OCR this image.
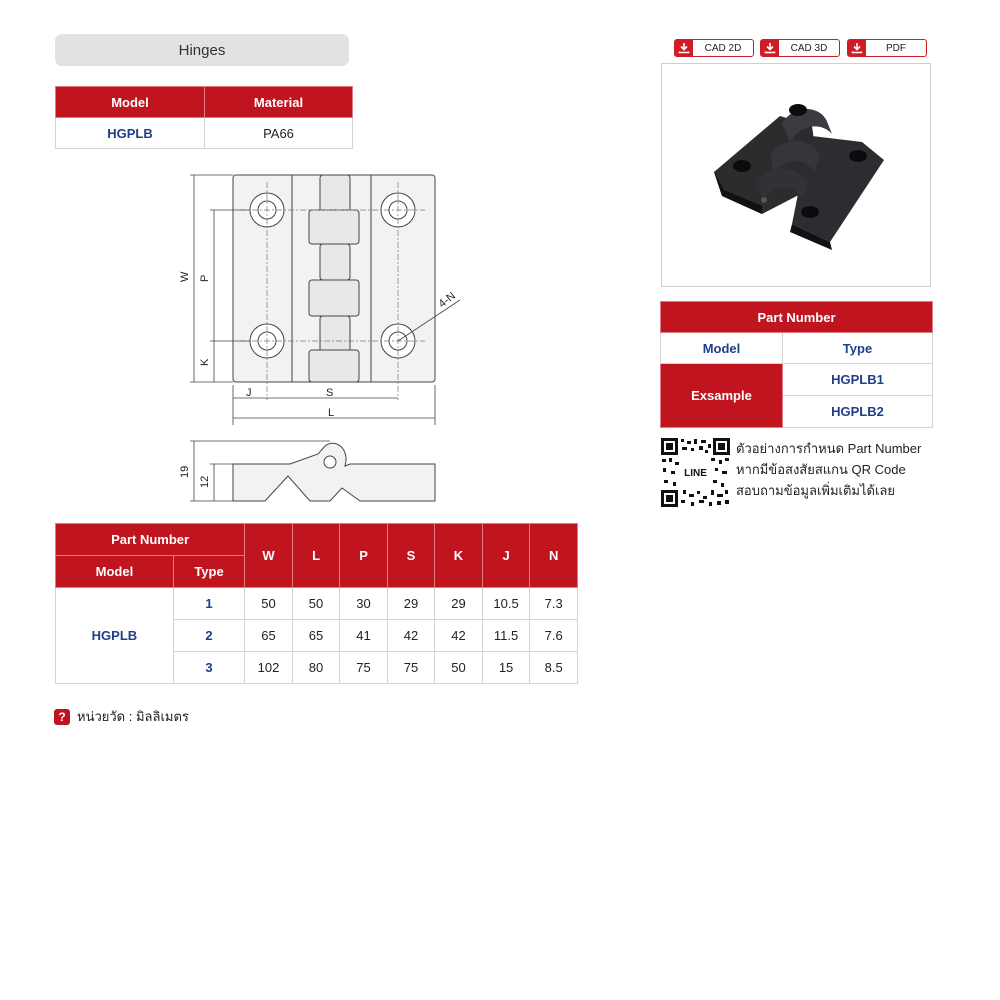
Hinges
Model	Material
HGPLB	PA66
CAD 2D	CAD 3D	PDF
4-N
W P
K
J	S
L
19
12
Part Number		W	L	P	S	K	J	N
Model	Type							
HGPLB	1	50	50	30	29	29	10.5	7.3
	2	65	65	41	42	42	11.5	7.6
	3	102	80	75	75	50	15	8.5
? หน่วยวัด : มิลลิเมตร
Part Number	
Model	Type
Exsample	HGPLB1
	HGPLB2
LINE
ตัวอย่างการกำหนด Part Number
หากมีข้อสงสัยสแกน QR Code
สอบถามข้อมูลเพิ่มเติมได้เลย
